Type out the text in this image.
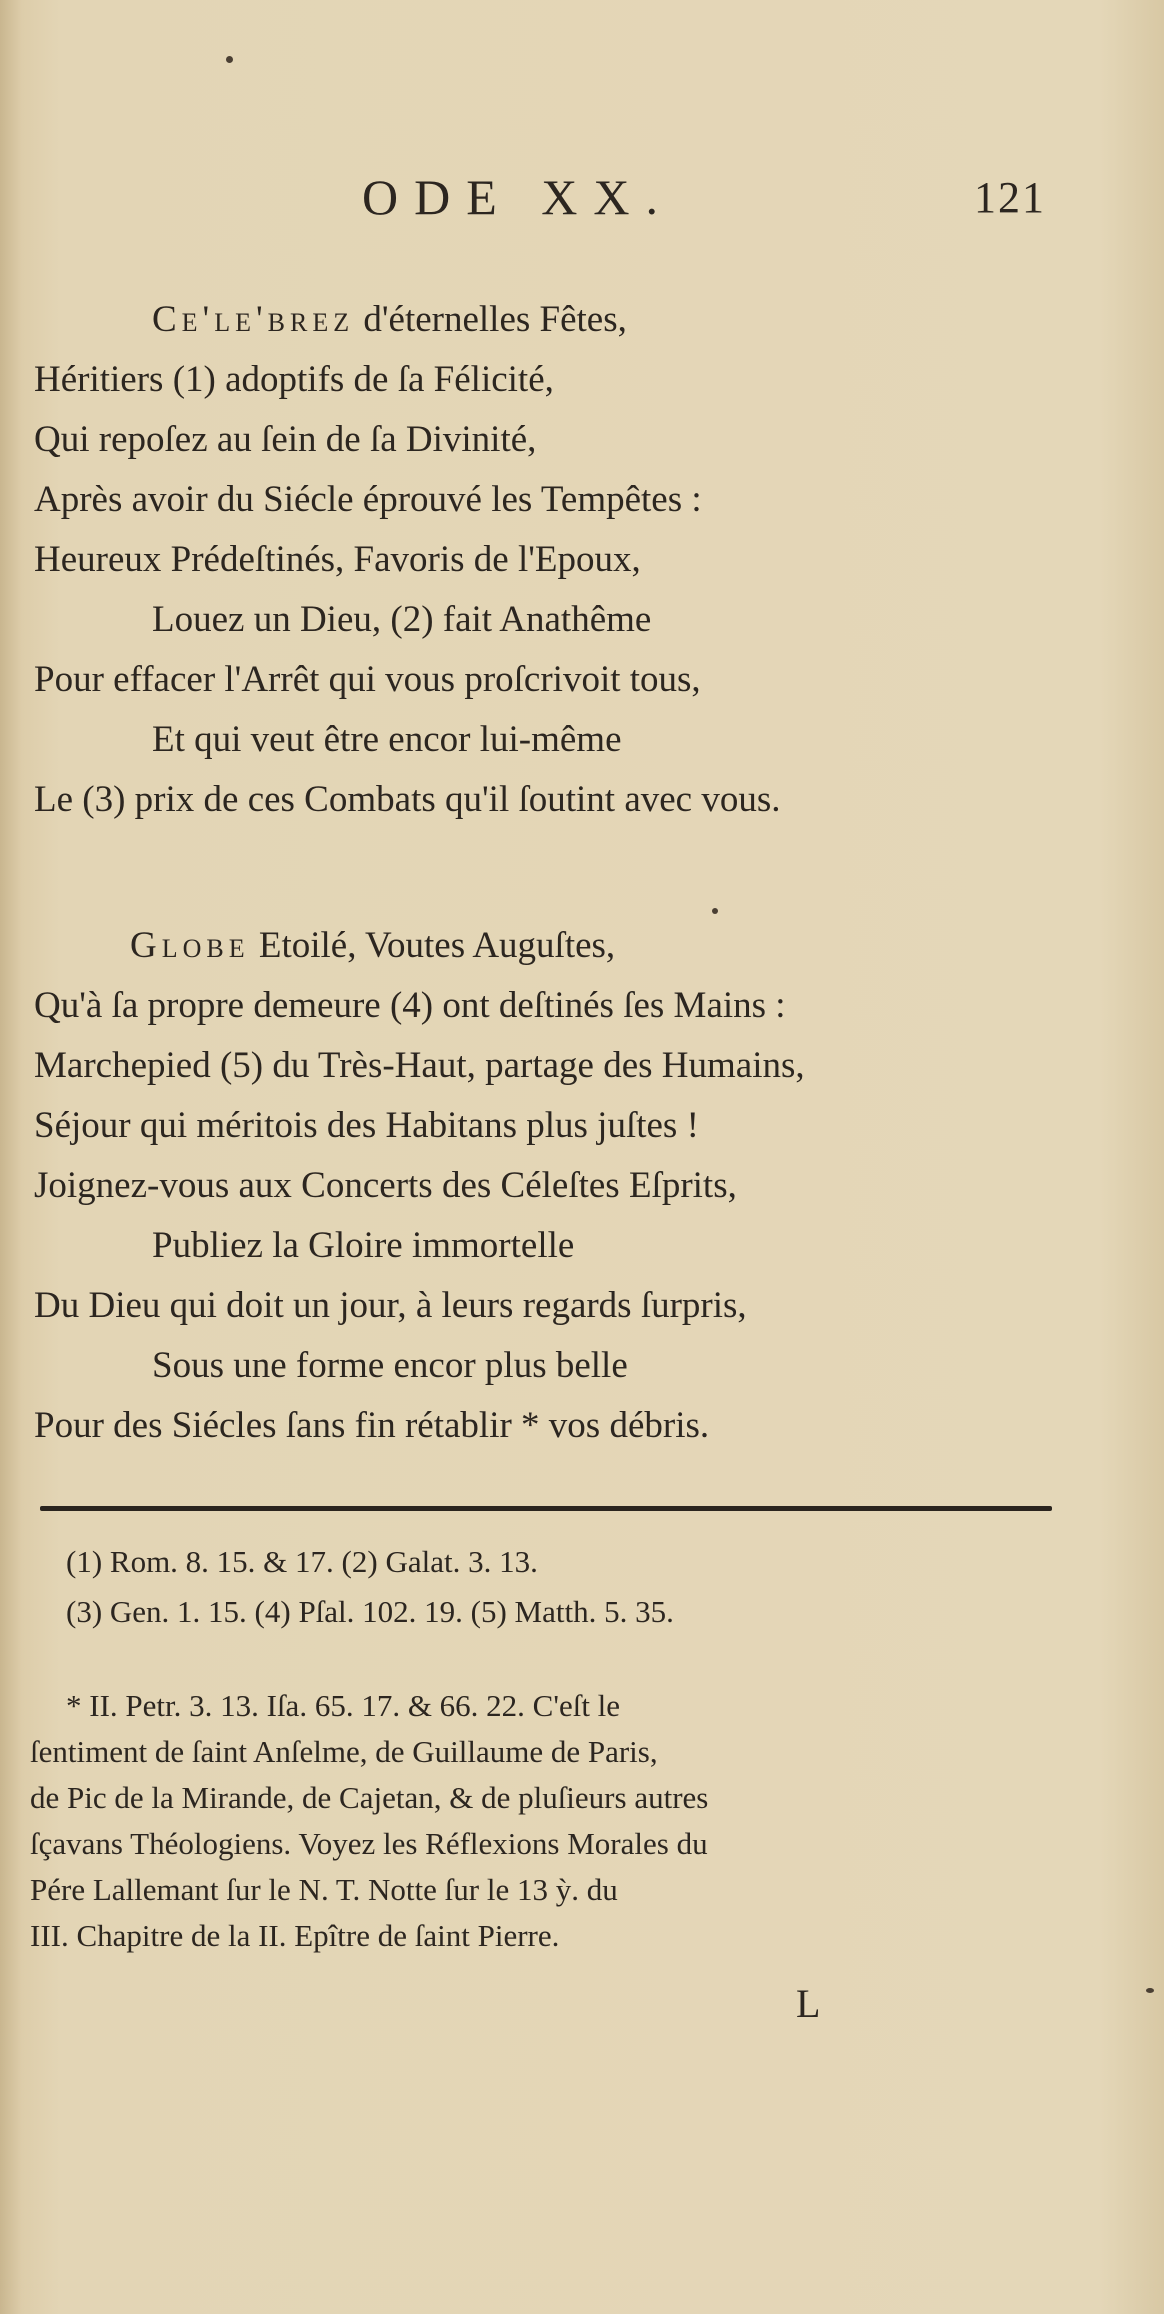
ODE XX.	121
Ce'le'brez d'éternelles Fêtes,
Héritiers (1) adoptifs de ſa Félicité,
Qui repoſez au ſein de ſa Divinité,
Après avoir du Siécle éprouvé les Tempêtes :
Heureux Prédeſtinés, Favoris de l'Epoux,
Louez un Dieu, (2) fait Anathême
Pour effacer l'Arrêt qui vous proſcrivoit tous,
Et qui veut être encor lui-même
Le (3) prix de ces Combats qu'il ſoutint avec vous.
Globe Etoilé, Voutes Auguſtes,
Qu'à ſa propre demeure (4) ont deſtinés ſes Mains :
Marchepied (5) du Très-Haut, partage des Humains,
Séjour qui méritois des Habitans plus juſtes !
Joignez-vous aux Concerts des Céleſtes Eſprits,
Publiez la Gloire immortelle
Du Dieu qui doit un jour, à leurs regards ſurpris,
Sous une forme encor plus belle
Pour des Siécles ſans fin rétablir * vos débris.
(1) Rom. 8. 15. & 17. (2) Galat. 3. 13.
(3) Gen. 1. 15. (4) Pſal. 102. 19. (5) Matth. 5. 35.
* II. Petr. 3. 13. Iſa. 65. 17. & 66. 22. C'eſt le
ſentiment de ſaint Anſelme, de Guillaume de Paris,
de Pic de la Mirande, de Cajetan, & de pluſieurs autres
ſçavans Théologiens. Voyez les Réflexions Morales du
Pére Lallemant ſur le N. T. Notte ſur le 13 ỳ. du
III. Chapitre de la II. Epître de ſaint Pierre.
L
